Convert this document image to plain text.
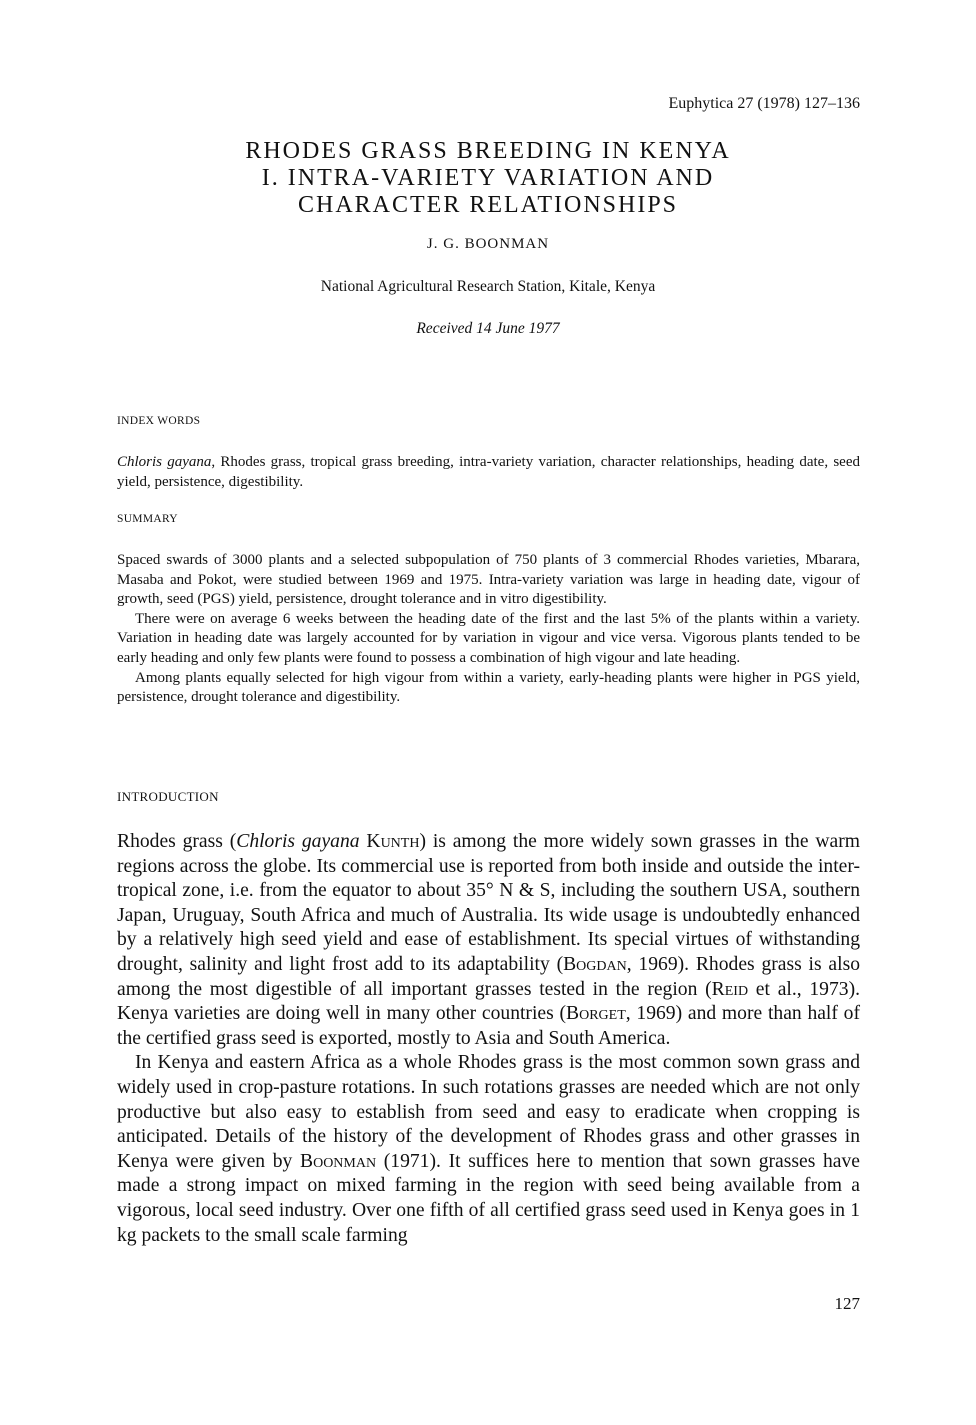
Euphytica 27 (1978) 127–136
RHODES GRASS BREEDING IN KENYA
I. INTRA-VARIETY VARIATION AND
CHARACTER RELATIONSHIPS
J. G. BOONMAN
National Agricultural Research Station, Kitale, Kenya
Received 14 June 1977
INDEX WORDS
Chloris gayana, Rhodes grass, tropical grass breeding, intra-variety variation, character relationships, heading date, seed yield, persistence, digestibility.
SUMMARY

Spaced swards of 3000 plants and a selected subpopulation of 750 plants of 3 commercial Rhodes varieties, Mbarara, Masaba and Pokot, were studied between 1969 and 1975. Intra-variety variation was large in heading date, vigour of growth, seed (PGS) yield, persistence, drought tolerance and in vitro digestibility.

There were on average 6 weeks between the heading date of the first and the last 5% of the plants within a variety. Variation in heading date was largely accounted for by variation in vigour and vice versa. Vigorous plants tended to be early heading and only few plants were found to possess a combination of high vigour and late heading.

Among plants equally selected for high vigour from within a variety, early-heading plants were higher in PGS yield, persistence, drought tolerance and digestibility.

INTRODUCTION

Rhodes grass (Chloris gayana Kunth) is among the more widely sown grasses in the warm regions across the globe. Its commercial use is reported from both inside and outside the inter-tropical zone, i.e. from the equator to about 35° N & S, including the southern USA, southern Japan, Uruguay, South Africa and much of Australia. Its wide usage is undoubtedly enhanced by a relatively high seed yield and ease of establishment. Its special virtues of withstanding drought, salinity and light frost add to its adaptability (Bogdan, 1969). Rhodes grass is also among the most digestible of all important grasses tested in the region (Reid et al., 1973). Kenya varieties are doing well in many other countries (Borget, 1969) and more than half of the certified grass seed is exported, mostly to Asia and South America.

In Kenya and eastern Africa as a whole Rhodes grass is the most common sown grass and widely used in crop-pasture rotations. In such rotations grasses are needed which are not only productive but also easy to establish from seed and easy to eradicate when cropping is anticipated. Details of the history of the development of Rhodes grass and other grasses in Kenya were given by Boonman (1971). It suffices here to mention that sown grasses have made a strong impact on mixed farming in the region with seed being available from a vigorous, local seed industry. Over one fifth of all certified grass seed used in Kenya goes in 1 kg packets to the small scale farming

127
